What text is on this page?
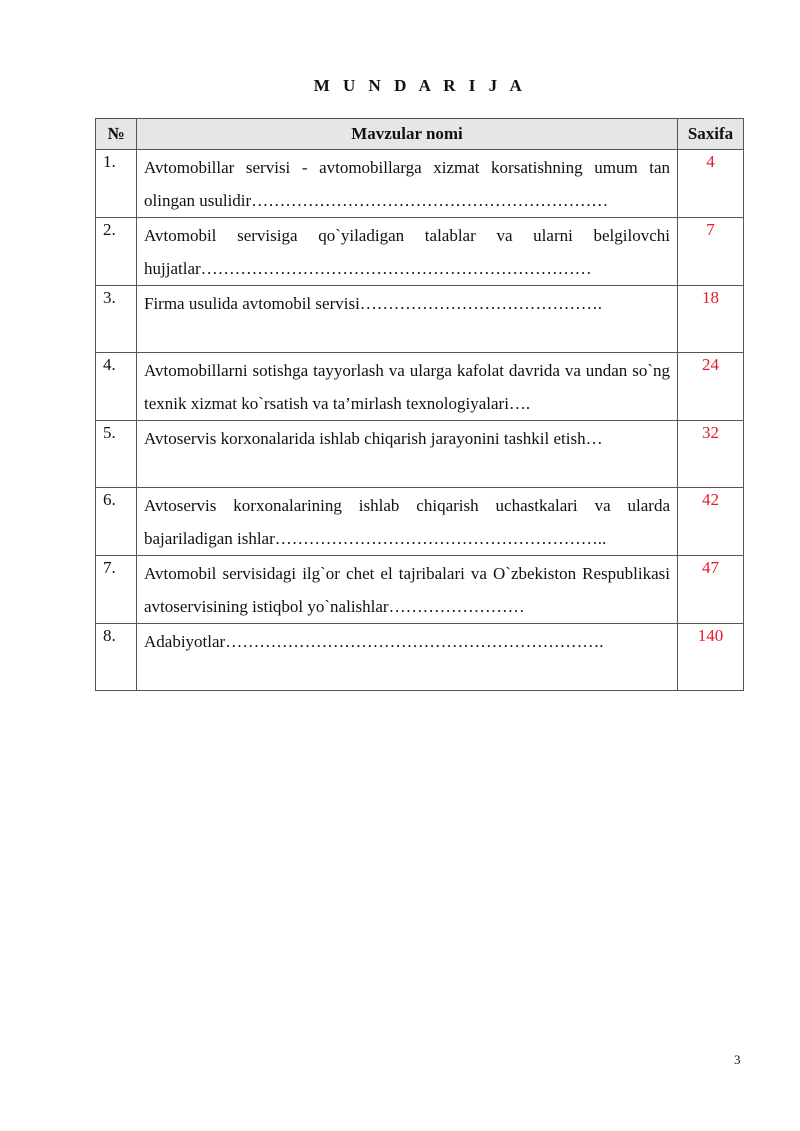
M U N D A R I J A
№	Mavzular nomi	Saxifa
1.	Avtomobillar servisi - avtomobillarga xizmat korsatishning umum tan olingan usulidir………………………………………………………	4
2.	Avtomobil servisiga qo`yiladigan talablar va ularni belgilovchi hujjatlar……………………………………………………………	7
3.	Firma usulida avtomobil servisi…………………………………….	18
4.	Avtomobillarni sotishga tayyorlash va ularga kafolat davrida va undan so`ng texnik xizmat ko`rsatish va ta’mirlash texnologiyalari….	24
5.	Avtoservis korxonalarida ishlab chiqarish jarayonini tashkil etish…	32
6.	Avtoservis korxonalarining ishlab chiqarish uchastkalari va ularda bajariladigan ishlar…………………………………………………..	42
7.	Avtomobil servisidagi ilg`or chet el tajribalari va O`zbekiston Respublikasi avtoservisining istiqbol yo`nalishlar……………………	47
8.	Adabiyotlar………………………………………………………….	140
3
